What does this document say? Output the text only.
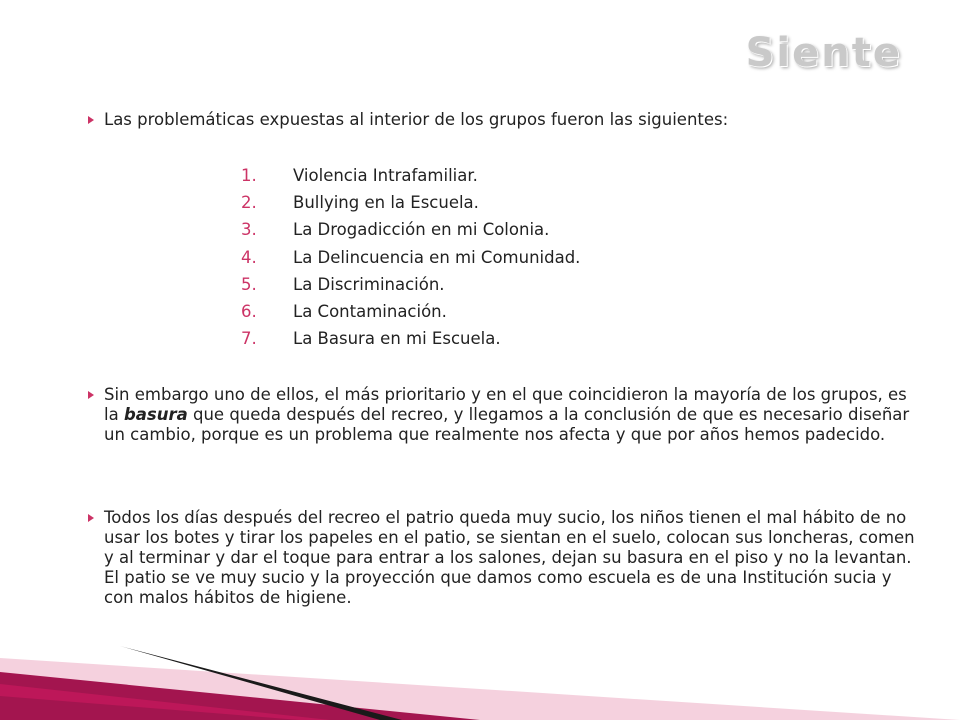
Siente
Las problemáticas expuestas al interior de los grupos fueron las siguientes:
1.	Violencia Intrafamiliar.
2.	Bullying en la Escuela.
3.	La Drogadicción en mi Colonia.
4.	La Delincuencia en mi Comunidad.
5.	La Discriminación.
6.	La Contaminación.
7.	La Basura en mi Escuela.
Sin embargo uno de ellos, el más prioritario y en el que coincidieron la mayoría de los grupos, es la basura que queda después del recreo, y llegamos a la conclusión de que es necesario diseñar un cambio, porque es un problema que realmente nos afecta y que por años hemos padecido.
Todos los días después del recreo el patrio queda muy sucio, los niños tienen el mal hábito de no usar los botes y tirar los papeles en el patio, se sientan en el suelo, colocan sus loncheras, comen y al terminar y dar el toque para entrar a los salones, dejan su basura en el piso y no la levantan. El patio se ve muy sucio y la proyección que damos como escuela es de una Institución sucia y con malos hábitos de higiene.
